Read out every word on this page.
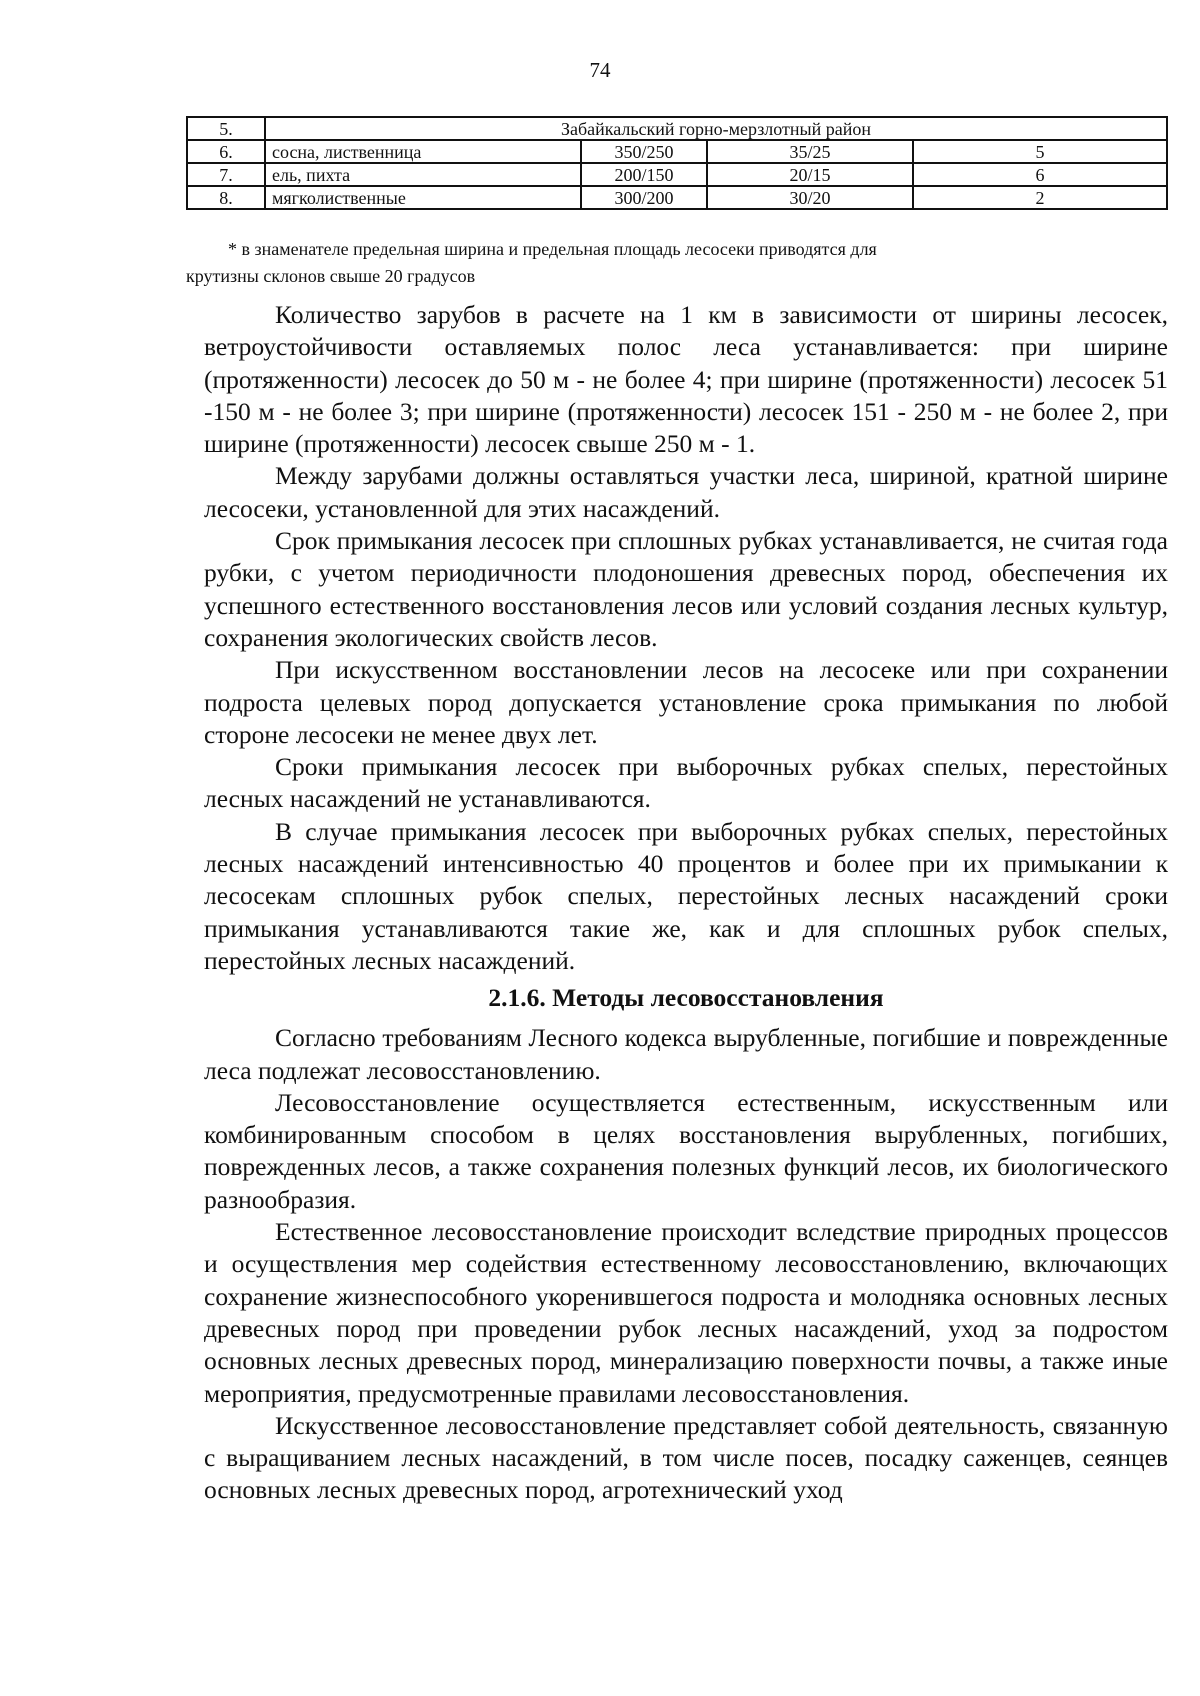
74
5.	Забайкальский горно-мерзлотный район			
6.	сосна, лиственница	350/250	35/25	5
7.	ель, пихта	200/150	20/15	6
8.	мягколиственные	300/200	30/20	2
* в знаменателе предельная ширина и предельная площадь лесосеки приводятся для
крутизны склонов свыше 20 градусов

Количество зарубов в расчете на 1 км в зависимости от ширины лесосек, ветроустойчивости оставляемых полос леса устанавливается: при ширине (протяженности) лесосек до 50 м - не более 4; при ширине (протяженности) лесосек 51 -150 м - не более 3; при ширине (протяженности) лесосек 151 - 250 м - не более 2, при ширине (протяженности) лесосек свыше 250 м - 1.

Между зарубами должны оставляться участки леса, шириной, кратной ширине лесосеки, установленной для этих насаждений.

Срок примыкания лесосек при сплошных рубках устанавливается, не считая года рубки, с учетом периодичности плодоношения древесных пород, обеспечения их успешного естественного восстановления лесов или условий создания лесных культур, сохранения экологических свойств лесов.

При искусственном восстановлении лесов на лесосеке или при сохранении подроста целевых пород допускается установление срока примыкания по любой стороне лесосеки не менее двух лет.

Сроки примыкания лесосек при выборочных рубках спелых, перестойных лесных насаждений не устанавливаются.

В случае примыкания лесосек при выборочных рубках спелых, перестойных лесных насаждений интенсивностью 40 процентов и более при их примыкании к лесосекам сплошных рубок спелых, перестойных лесных насаждений сроки примыкания устанавливаются такие же, как и для сплошных рубок спелых, перестойных лесных насаждений.

2.1.6. Методы лесовосстановления

Согласно требованиям Лесного кодекса вырубленные, погибшие и поврежденные леса подлежат лесовосстановлению.

Лесовосстановление осуществляется естественным, искусственным или комбинированным способом в целях восстановления вырубленных, погибших, поврежденных лесов, а также сохранения полезных функций лесов, их биологического разнообразия.

Естественное лесовосстановление происходит вследствие природных процессов и осуществления мер содействия естественному лесовосстановлению, включающих сохранение жизнеспособного укоренившегося подроста и молодняка основных лесных древесных пород при проведении рубок лесных насаждений, уход за подростом основных лесных древесных пород, минерализацию поверхности почвы, а также иные мероприятия, предусмотренные правилами лесовосстановления.

Искусственное лесовосстановление представляет собой деятельность, связанную с выращиванием лесных насаждений, в том числе посев, посадку саженцев, сеянцев основных лесных древесных пород, агротехнический уход
